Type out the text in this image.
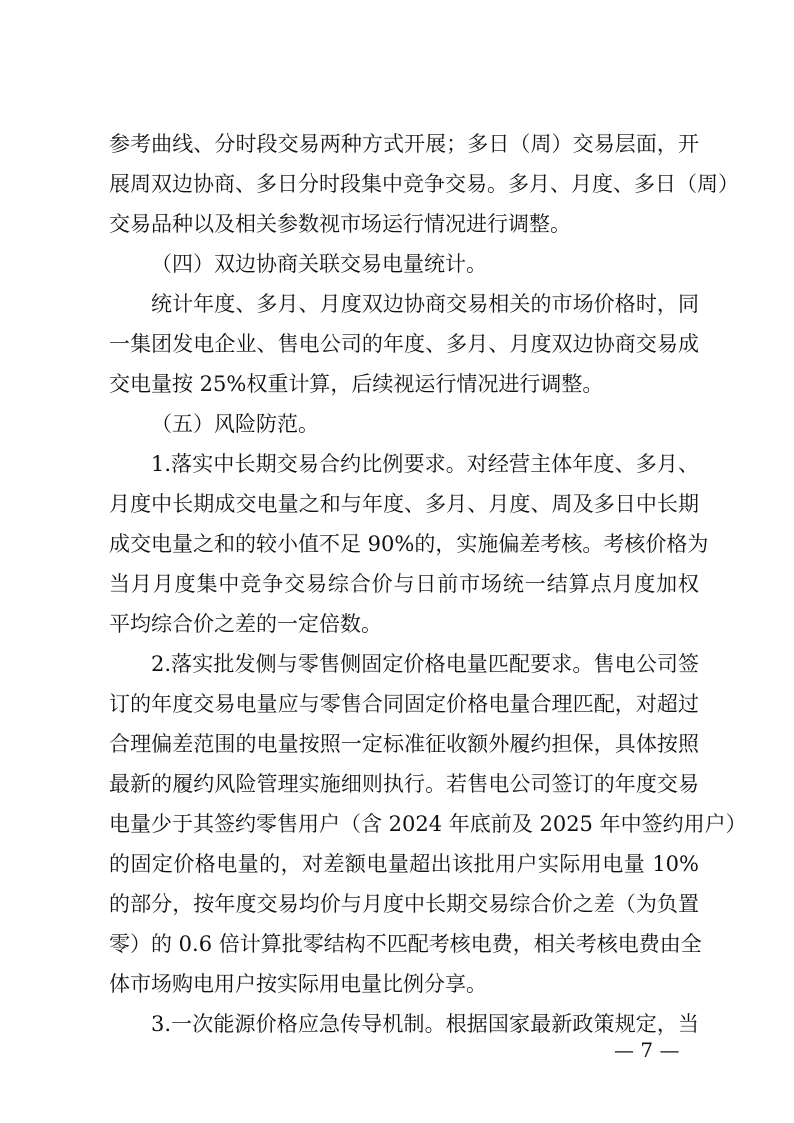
参考曲线、分时段交易两种方式开展；多日（周）交易层面，开
展周双边协商、多日分时段集中竞争交易。多月、月度、多日（周）
交易品种以及相关参数视市场运行情况进行调整。
（四）双边协商关联交易电量统计。
统计年度、多月、月度双边协商交易相关的市场价格时，同
一集团发电企业、售电公司的年度、多月、月度双边协商交易成
交电量按 25%权重计算，后续视运行情况进行调整。
（五）风险防范。
1.落实中长期交易合约比例要求。对经营主体年度、多月、
月度中长期成交电量之和与年度、多月、月度、周及多日中长期
成交电量之和的较小值不足 90%的，实施偏差考核。考核价格为
当月月度集中竞争交易综合价与日前市场统一结算点月度加权
平均综合价之差的一定倍数。
2.落实批发侧与零售侧固定价格电量匹配要求。售电公司签
订的年度交易电量应与零售合同固定价格电量合理匹配，对超过
合理偏差范围的电量按照一定标准征收额外履约担保，具体按照
最新的履约风险管理实施细则执行。若售电公司签订的年度交易
电量少于其签约零售用户（含 2024 年底前及 2025 年中签约用户）
的固定价格电量的，对差额电量超出该批用户实际用电量 10%
的部分，按年度交易均价与月度中长期交易综合价之差（为负置
零）的 0.6 倍计算批零结构不匹配考核电费，相关考核电费由全
体市场购电用户按实际用电量比例分享。
3.一次能源价格应急传导机制。根据国家最新政策规定，当
— 7 —
